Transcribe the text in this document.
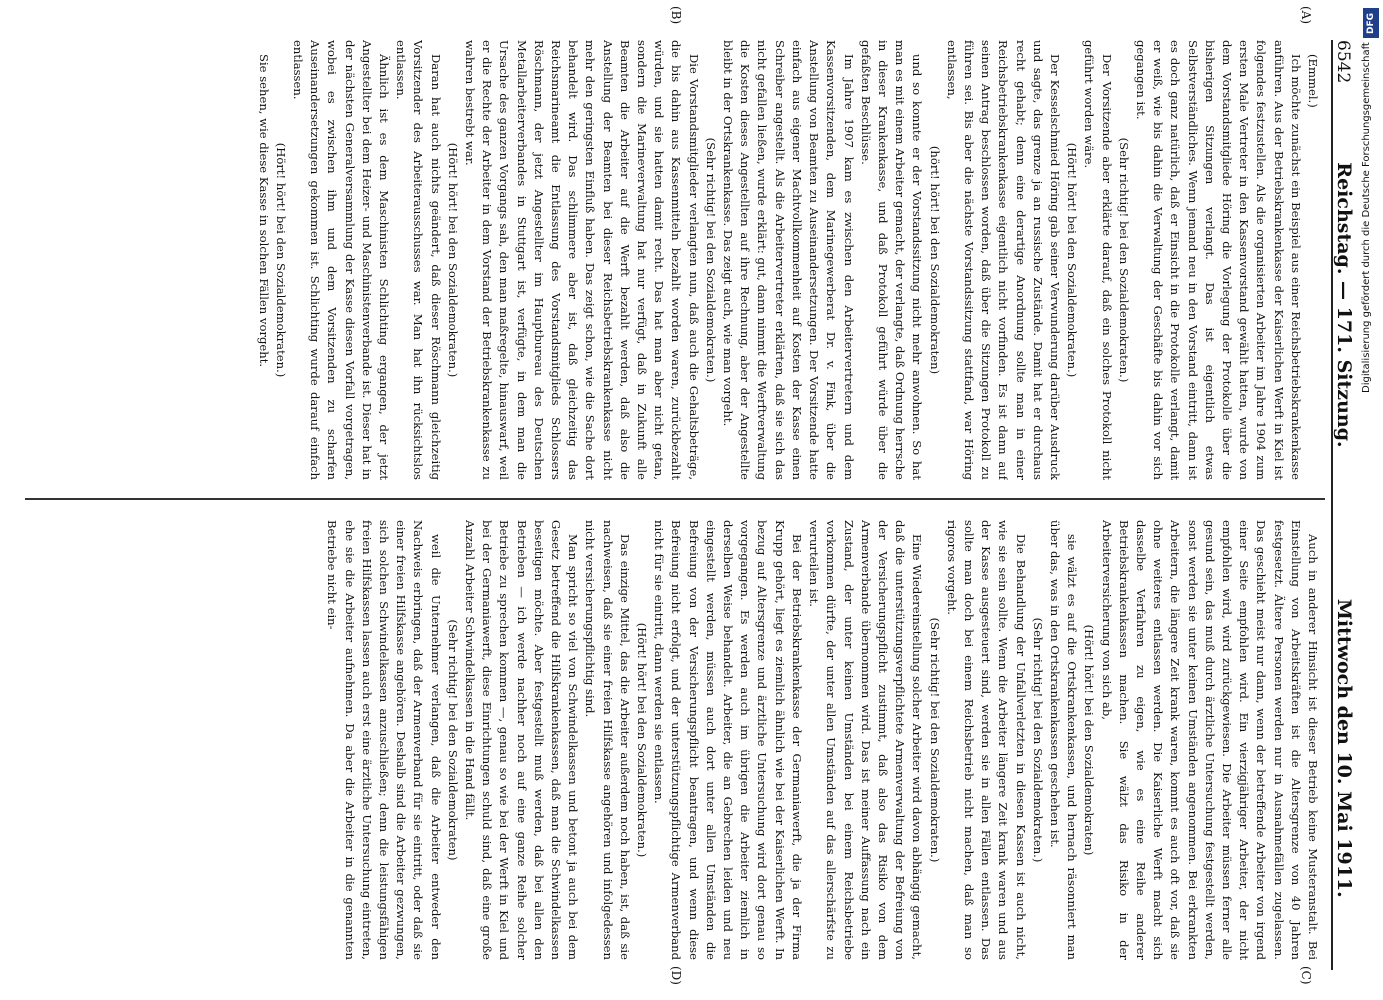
6542
Reichstag. — 171. Sitzung.
Mittwoch den 10. Mai 1911.
(A)
(B)
(C)
(D)

(Emmel.)

Ich möchte zunächst ein Beispiel aus einer Reichsbetriebskrankenkasse anführen. Aus der Betriebskrankenkasse der Kaiserlichen Werft in Kiel ist folgendes festzustellen. Als die organisierten Arbeiter im Jahre 1904 zum ersten Male Vertreter in den Kassenvorstand gewählt hatten, wurde von dem Vorstandsmitgliede Höring die Vorlegung der Protokolle über die bisherigen Sitzungen verlangt. Das ist eigentlich etwas Selbstverständliches. Wenn jemand neu in den Vorstand eintritt, dann ist es doch ganz natürlich, daß er Einsicht in die Protokolle verlangt, damit er weiß, wie bis dahin die Verwaltung der Geschäfte bis dahin vor sich gegangen ist.

(Sehr richtig! bei den Sozialdemokraten.)

Der Vorsitzende aber erklärte darauf, daß ein solches Protokoll nicht geführt worden wäre.

(Hört! hört! bei den Sozialdemokraten.)

Der Kesselschmied Höring gab seiner Verwunderung darüber Ausdruck und sagte, das grenze ja an russische Zustände. Damit hat er durchaus recht gehabt; denn eine derartige Anordnung sollte man in einer Reichsbetriebskrankenkasse eigentlich nicht vorfinden. Es ist dann auf seinen Antrag beschlossen worden, daß über die Sitzungen Protokoll zu führen sei. Bis aber die nächste Vorstandssitzung stattfand, war Höring entlassen,

(hört! hört! bei den Sozialdemokraten)

und so konnte er der Vorstandssitzung nicht mehr anwohnen. So hat man es mit einem Arbeiter gemacht, der verlangte, daß Ordnung herrsche in dieser Krankenkasse, und daß Protokoll geführt würde über die gefaßten Beschlüsse.

Im Jahre 1907 kam es zwischen den Arbeitervertretern und dem Kassenvorsitzenden, dem Marinegewerberat Dr. v. Fink, über die Anstellung von Beamten zu Auseinandersetzungen. Der Vorsitzende hatte einfach aus eigener Machtvollkommenheit auf Kosten der Kasse einen Schreiber angestellt. Als die Arbeitervertreter erklärten, daß sie sich das nicht gefallen ließen, wurde erklärt: gut, dann nimmt die Werftverwaltung die Kosten dieses Angestellten auf ihre Rechnung, aber der Angestellte bleibt in der Ortskrankenkasse. Das zeigt auch, wie man vorgeht.

(Sehr richtig! bei den Sozialdemokraten.)

Die Vorstandsmitglieder verlangten nun, daß auch die Gehaltsbeträge, die bis dahin aus Kassenmitteln bezahlt worden waren, zurückbezahlt würden, und sie hatten damit recht. Das hat man aber nicht getan, sondern die Marineverwaltung hat nur verfügt, daß in Zukunft alle Beamten die Arbeiter auf die Werft bezahlt werden, daß also die Anstellung der Beamten bei dieser Reichsbetriebskrankenkasse nicht mehr den geringsten Einfluß haben. Das zeigt schon, wie die Sache dort behandelt wird. Das schlimmere aber ist, daß gleichzeitig das Reichsmarineamt die Entlassung des Vorstandsmitglieds Schlossers Röschmann, der jetzt Angestellter im Hauptbureau des Deutschen Metallarbeiterverbandes in Stuttgart ist, verfügte, in dem man die Ursache des ganzen Vorgangs sah, den man maßregelte, hinauswarf, weil er die Rechte der Arbeiter in dem Vorstand der Betriebskrankenkasse zu wahren bestrebt war.

(Hört! hört! bei den Sozialdemokraten.)

Daran hat auch nichts geändert, daß dieser Röschmann gleichzeitig Vorsitzender des Arbeiterausschusses war. Man hat ihn rücksichtslos entlassen.

Ähnlich ist es dem Maschinisten Schlichting ergangen, der jetzt Angestellter bei dem Heizer- und Maschinistenverbande ist. Dieser hat in der nächsten Generalversammlung der Kasse diesen Vorfall vorgetragen, wobei es zwischen ihm und dem Vorsitzenden zu scharfen Auseinandersetzungen gekommen ist. Schlichting wurde darauf einfach entlassen.

(Hört! hört! bei den Sozialdemokraten.)

Sie sehen, wie diese Kasse in solchen Fällen vorgeht.

Auch in anderer Hinsicht ist dieser Betrieb keine Musteranstalt. Bei Einstellung von Arbeitskräften ist die Altersgrenze von 40 Jahren festgesetzt. Ältere Personen werden nur in Ausnahmefällen zugelassen. Das geschieht meist nur dann, wenn der betreffende Arbeiter von irgend einer Seite empfohlen wird. Ein vierzigjähriger Arbeiter, der nicht empfohlen wird, wird zurückgewiesen. Die Arbeiter müssen ferner alle gesund sein, das muß durch ärztliche Untersuchung festgestellt werden, sonst werden sie unter keinen Umständen angenommen. Bei erkrankten Arbeitern, die längere Zeit krank waren, kommt es auch oft vor, daß sie ohne weiteres entlassen werden. Die Kaiserliche Werft macht sich dasselbe Verfahren zu eigen, wie es eine Reihe anderer Betriebskrankenkassen machen. Sie wälzt das Risiko in der Arbeiterversicherung von sich ab,

(Hört! hört! bei den Sozialdemokraten)

sie wälzt es auf die Ortskrankenkassen, und hernach räsonniert man über das, was in den Ortskrankenkassen geschehen ist.

(Sehr richtig! bei den Sozialdemokraten.)

Die Behandlung der Unfallverletzten in diesen Kassen ist auch nicht, wie sie sein sollte. Wenn die Arbeiter längere Zeit krank waren und aus der Kasse ausgesteuert sind, werden sie in allen Fällen entlassen. Das sollte man doch bei einem Reichsbetrieb nicht machen, daß man so rigoros vorgeht.

(Sehr richtig! bei den Sozialdemokraten.)

Eine Wiedereinstellung solcher Arbeiter wird davon abhängig gemacht, daß die unterstützungsverpflichtete Armenverwaltung der Befreiung von der Versicherungspflicht zustimmt, daß also das Risiko von dem Armenverbande übernommen wird. Das ist meiner Auffassung nach ein Zustand, der unter keinen Umständen bei einem Reichsbetriebe vorkommen dürfte, der unter allen Umständen auf das allerschärfste zu verurteilen ist.

Bei der Betriebskrankenkasse der Germaniawerft, die ja der Firma Krupp gehört, liegt es ziemlich ähnlich wie bei der Kaiserlichen Werft. In bezug auf Altersgrenze und ärztliche Untersuchung wird dort genau so vorgegangen. Es werden auch im übrigen die Arbeiter ziemlich in derselben Weise behandelt. Arbeiter, die an Gebrechen leiden und neu eingestellt werden, müssen auch dort unter allen Umständen die Befreiung von der Versicherungspflicht beantragen, und wenn diese Befreiung nicht erfolgt, und der unterstützungspflichtige Armenverband nicht für sie eintritt, dann werden sie entlassen.

(Hört! hört! bei den Sozialdemokraten.)

Das einzige Mittel, das die Arbeiter außerdem noch haben, ist, daß sie nachweisen, daß sie einer freien Hilfskasse angehören und infolgedessen nicht versicherungspflichtig sind.

Man spricht so viel von Schwindelkassen und betont ja auch bei dem Gesetz betreffend die Hilfskrankenkassen, daß man die Schwindelkassen beseitigen möchte. Aber festgestellt muß werden, daß bei allen den Betrieben — ich werde nachher noch auf eine ganze Reihe solcher Betriebe zu sprechen kommen —, genau so wie bei der Werft in Kiel und bei der Germaniawerft, diese Einrichtungen schuld sind, daß eine große Anzahl Arbeiter Schwindelkassen in die Hand fällt.

(Sehr richtig! bei den Sozialdemokraten)

weil die Unternehmer verlangen, daß die Arbeiter entweder den Nachweis erbringen, daß der Armenverband für sie eintritt, oder daß sie einer freien Hilfskasse angehören. Deshalb sind die Arbeiter gezwungen, sich solchen Schwindelkassen anzuschließen; denn die leistungsfähigen freien Hilfskassen lassen auch erst eine ärztliche Untersuchung eintreten, ehe sie die Arbeiter aufnehmen. Da aber die Arbeiter in die genannten Betriebe nicht ein-

DFG
Digitalisierung gefördert durch die Deutsche Forschungsgemeinschaft
